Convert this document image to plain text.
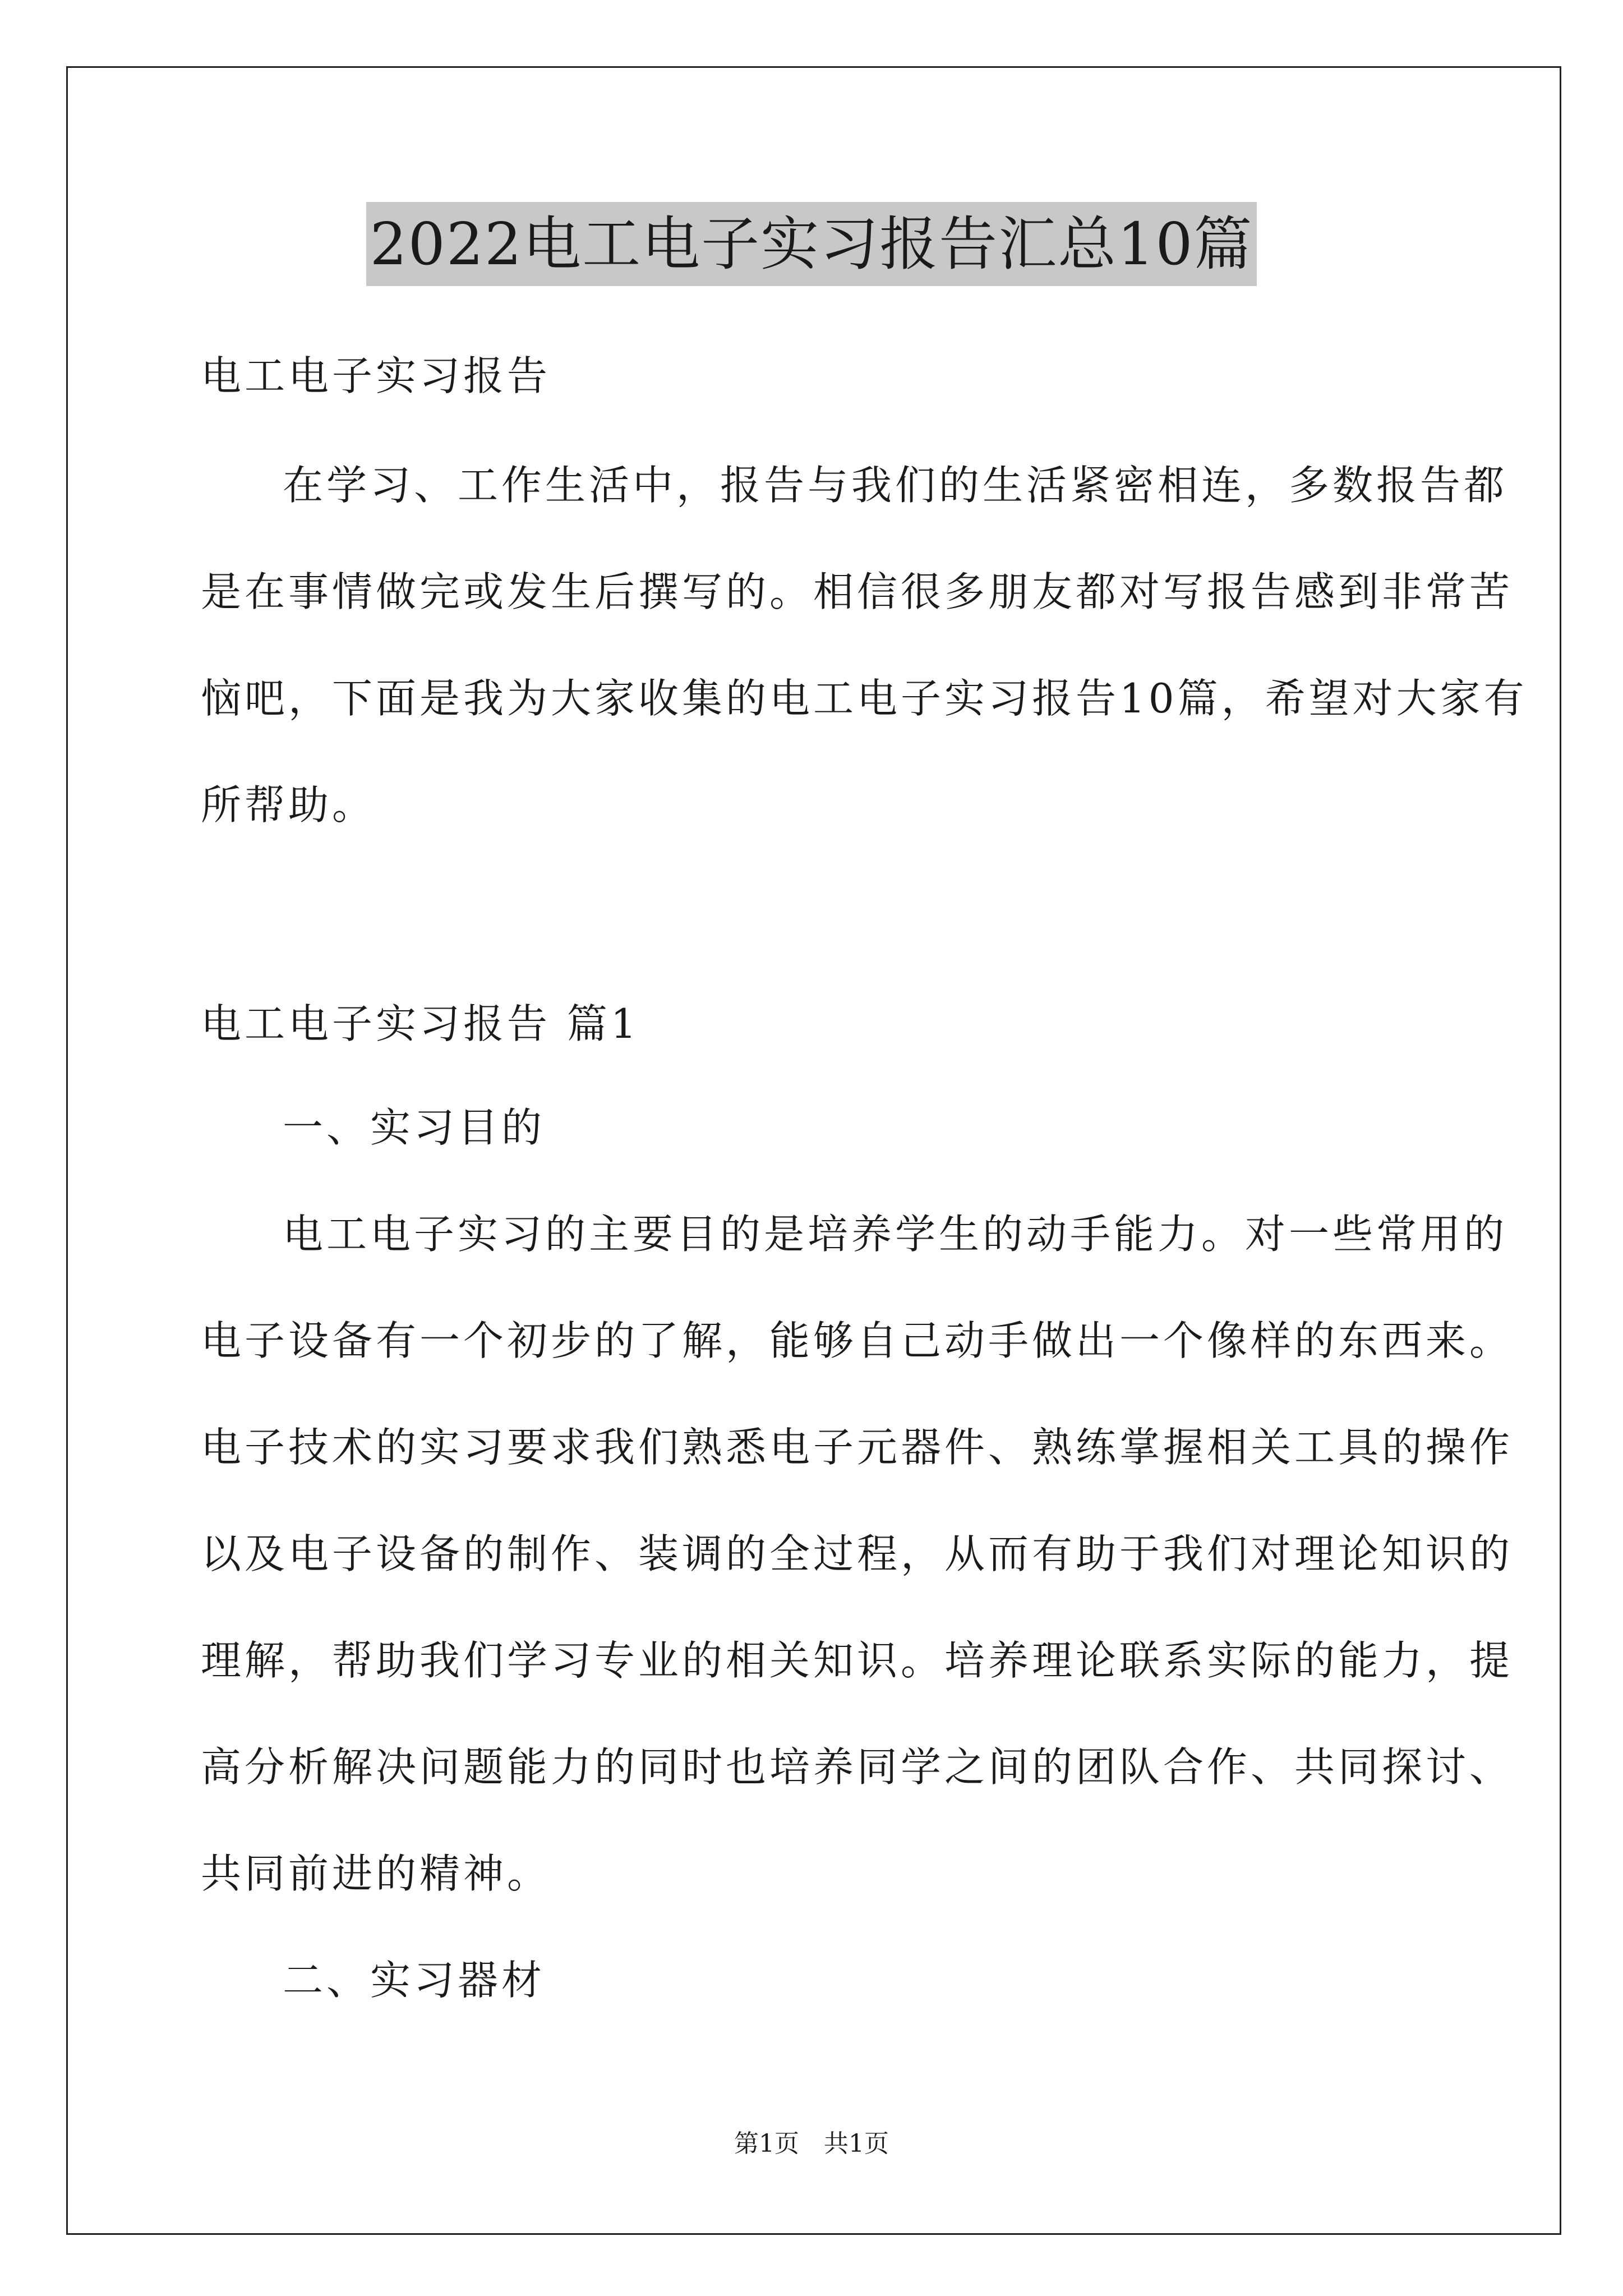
2022电工电子实习报告汇总10篇
电工电子实习报告
在学习、工作生活中，报告与我们的生活紧密相连，多数报告都
是在事情做完或发生后撰写的。相信很多朋友都对写报告感到非常苦
恼吧，下面是我为大家收集的电工电子实习报告10篇，希望对大家有
所帮助。
电工电子实习报告 篇1
一、实习目的
电工电子实习的主要目的是培养学生的动手能力。对一些常用的
电子设备有一个初步的了解，能够自己动手做出一个像样的东西来。
电子技术的实习要求我们熟悉电子元器件、熟练掌握相关工具的操作
以及电子设备的制作、装调的全过程，从而有助于我们对理论知识的
理解，帮助我们学习专业的相关知识。培养理论联系实际的能力，提
高分析解决问题能力的同时也培养同学之间的团队合作、共同探讨、
共同前进的精神。
二、实习器材
第1页　共1页
